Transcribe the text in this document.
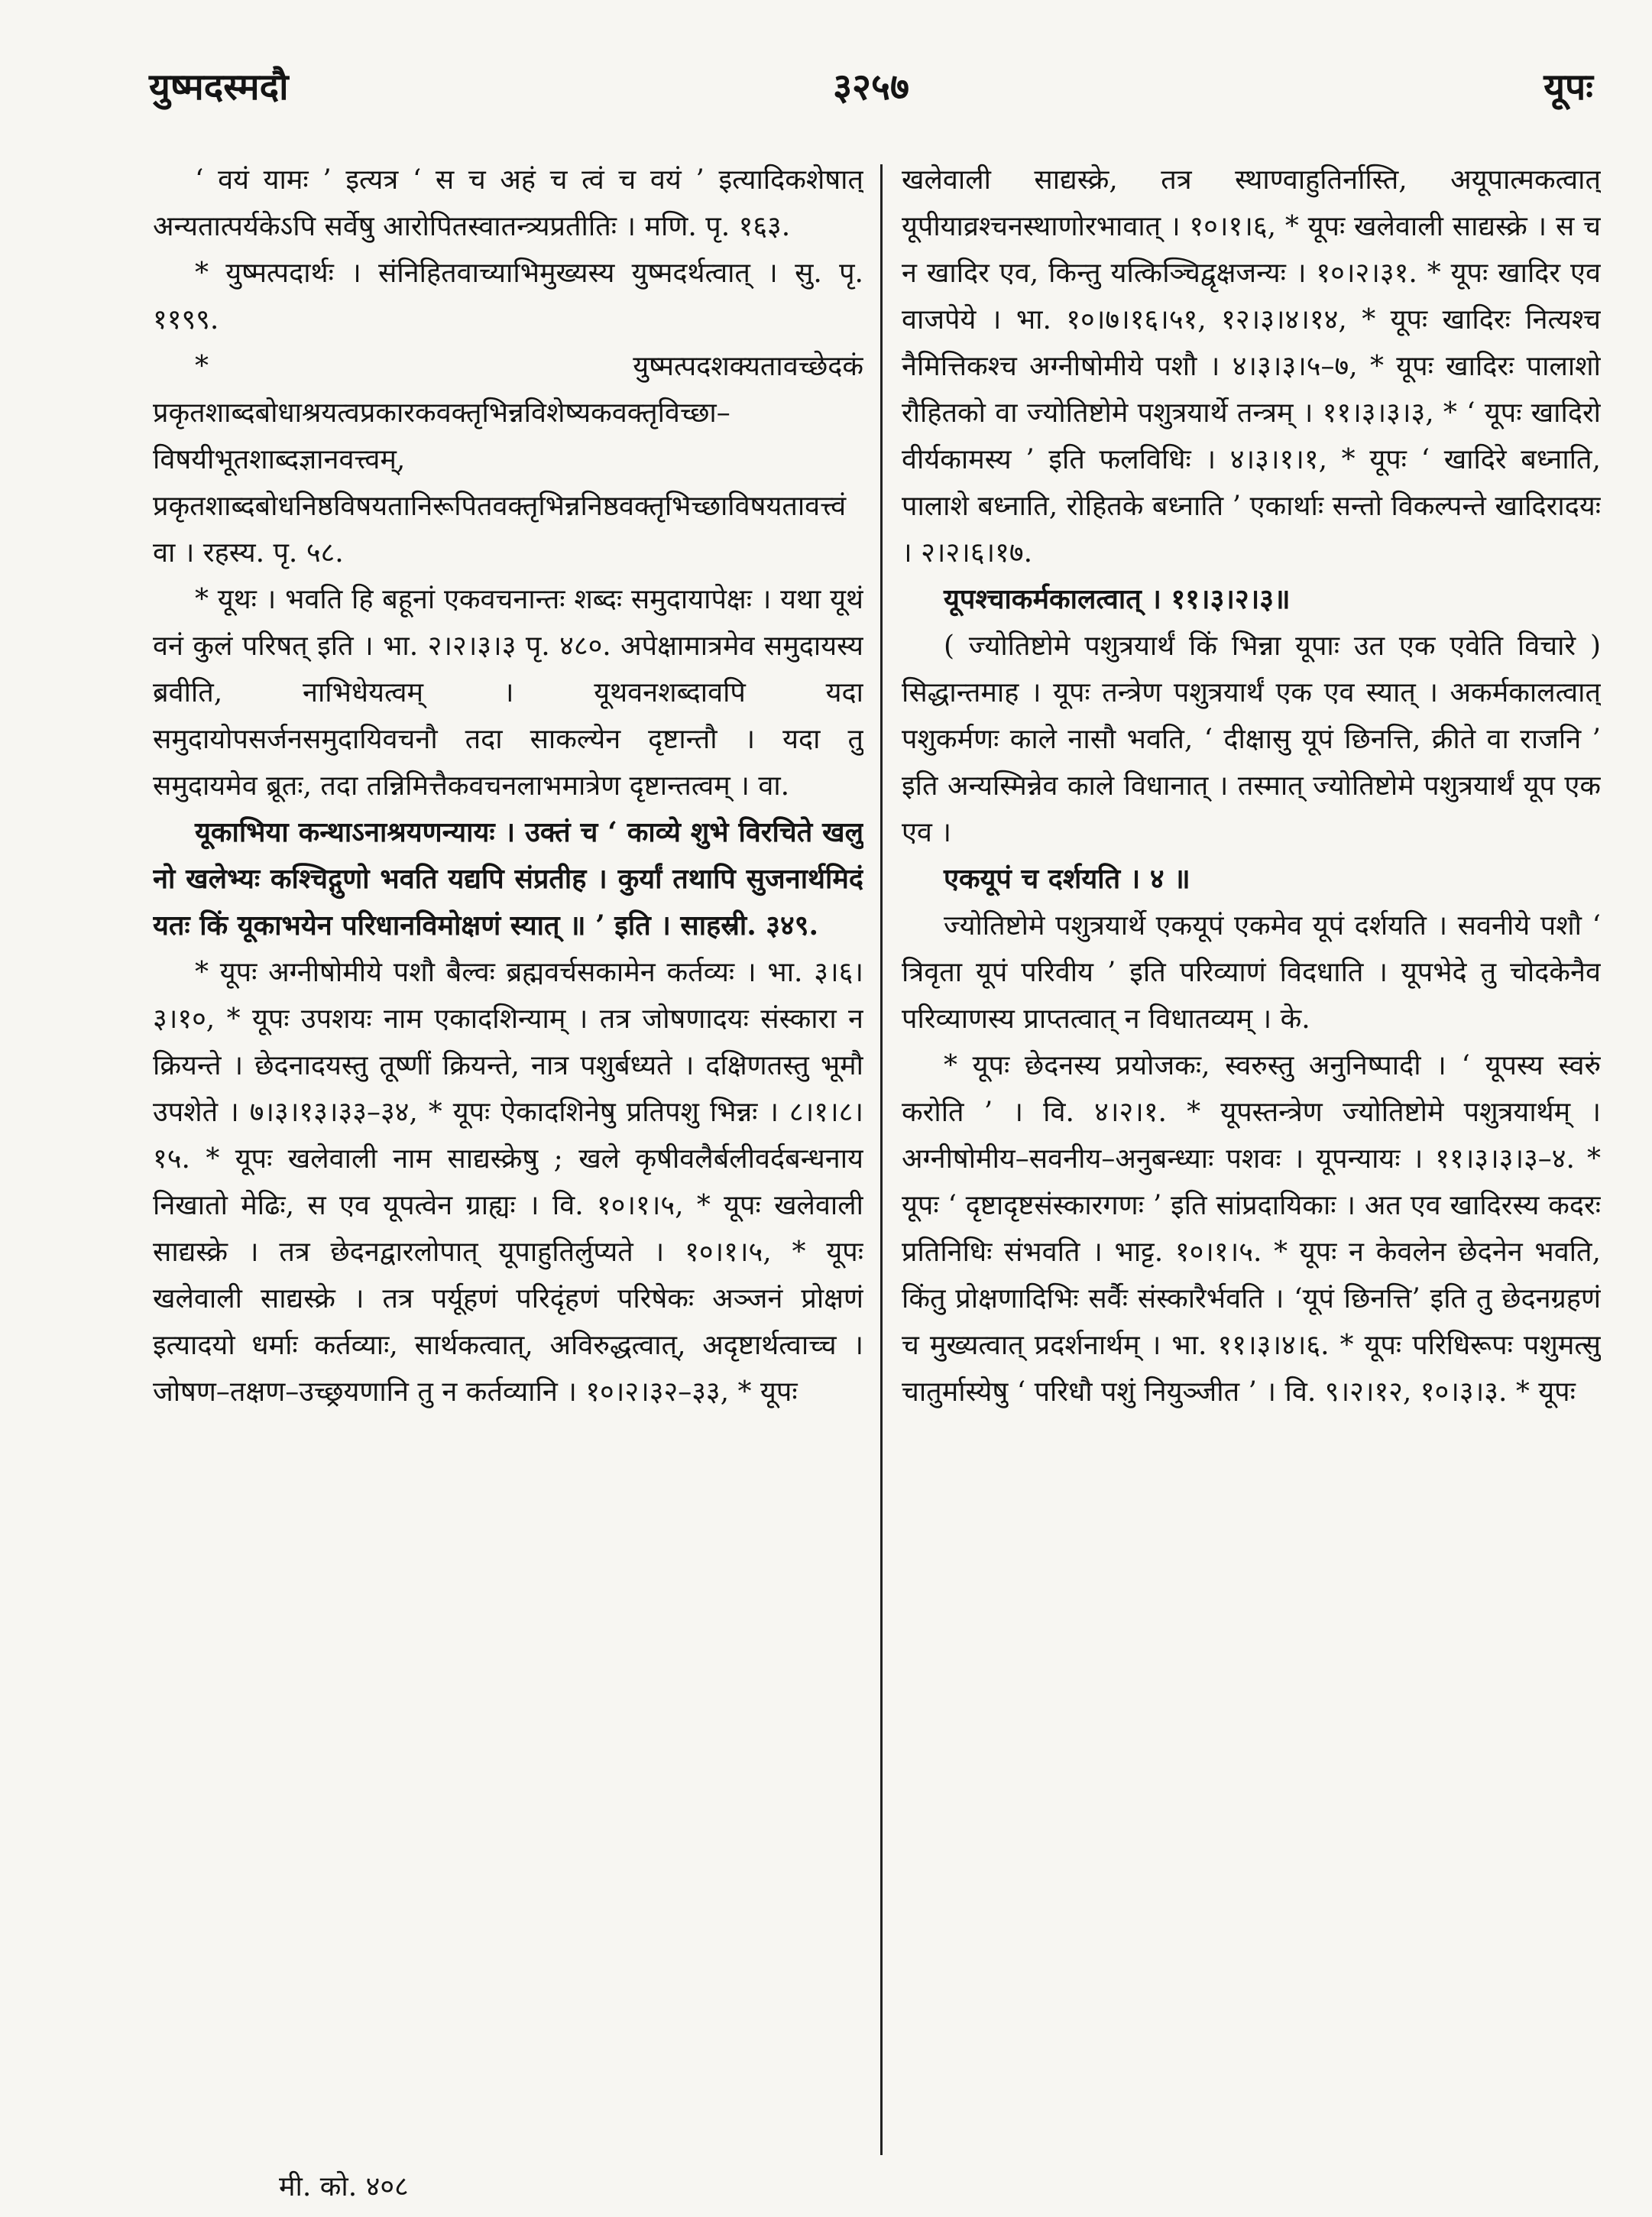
युष्मदस्मदौ	३२५७	यूपः

‘ वयं यामः ’ इत्यत्र ‘ स च अहं च त्वं च वयं ’ इत्यादिकशेषात् अन्यतात्पर्यकेऽपि सर्वेषु आरोपितस्वातन्त्र्यप्रतीतिः । मणि. पृ. १६३.

* युष्मत्पदार्थः । संनिहितवाच्याभिमुख्यस्य युष्मदर्थत्वात् । सु. पृ. ११९९.

* युष्मत्पदशक्यतावच्छेदकं प्रकृतशाब्दबोधाश्रयत्वप्रकारकवक्तृभिन्नविशेष्यकवक्तृविच्छा–विषयीभूतशाब्दज्ञानवत्त्वम्, प्रकृतशाब्दबोधनिष्ठविषयतानिरूपितवक्तृभिन्ननिष्ठवक्तृभिच्छाविषयतावत्त्वं वा । रहस्य. पृ. ५८.

* यूथः । भवति हि बहूनां एकवचनान्तः शब्दः समुदायापेक्षः । यथा यूथं वनं कुलं परिषत् इति । भा. २।२।३।३ पृ. ४८०. अपेक्षामात्रमेव समुदायस्य ब्रवीति, नाभिधेयत्वम् । यूथवनशब्दावपि यदा समुदायोपसर्जनसमुदायिवचनौ तदा साकल्येन दृष्टान्तौ । यदा तु समुदायमेव ब्रूतः, तदा तन्निमित्तैकवचनलाभमात्रेण दृष्टान्तत्वम् । वा.

यूकाभिया कन्थाऽनाश्रयणन्यायः । उक्तं च ‘ काव्ये शुभे विरचिते खलु नो खलेभ्यः कश्चिद्गुणो भवति यद्यपि संप्रतीह । कुर्यां तथापि सुजनार्थमिदं यतः किं यूकाभयेन परिधानविमोक्षणं स्यात् ॥ ’ इति । साहस्री. ३४९.

* यूपः अग्नीषोमीये पशौ बैल्वः ब्रह्मवर्चसकामेन कर्तव्यः । भा. ३।६।३।१०, * यूपः उपशयः नाम एकादशिन्याम् । तत्र जोषणादयः संस्कारा न क्रियन्ते । छेदनादयस्तु तूष्णीं क्रियन्ते, नात्र पशुर्बध्यते । दक्षिणतस्तु भूमौ उपशेते । ७।३।१३।३३–३४, * यूपः ऐकादशिनेषु प्रतिपशु भिन्नः । ८।१।८।१५. * यूपः खलेवाली नाम साद्यस्क्रेषु ; खले कृषीवलैर्बलीवर्दबन्धनाय निखातो मेढिः, स एव यूपत्वेन ग्राह्यः । वि. १०।१।५, * यूपः खलेवाली साद्यस्क्रे । तत्र छेदनद्वारलोपात् यूपाहुतिर्लुप्यते । १०।१।५, * यूपः खलेवाली साद्यस्क्रे । तत्र पर्यूहणं परिदृंहणं परिषेकः अञ्जनं प्रोक्षणं इत्यादयो धर्माः कर्तव्याः, सार्थकत्वात्, अविरुद्धत्वात्, अदृष्टार्थत्वाच्च । जोषण–तक्षण–उच्छ्रयणानि तु न कर्तव्यानि । १०।२।३२–३३, * यूपः

खलेवाली साद्यस्क्रे, तत्र स्थाण्वाहुतिर्नास्ति, अयूपात्मकत्वात् यूपीयाव्रश्चनस्थाणोरभावात् । १०।१।६, * यूपः खलेवाली साद्यस्क्रे । स च न खादिर एव, किन्तु यत्किञ्चिद्वृक्षजन्यः । १०।२।३१. * यूपः खादिर एव वाजपेये । भा. १०।७।१६।५१, १२।३।४।१४, * यूपः खादिरः नित्यश्च नैमित्तिकश्च अग्नीषोमीये पशौ । ४।३।३।५–७, * यूपः खादिरः पालाशो रौहितको वा ज्योतिष्टोमे पशुत्रयार्थे तन्त्रम् । ११।३।३।३, * ‘ यूपः खादिरो वीर्यकामस्य ’ इति फलविधिः । ४।३।१।१, * यूपः ‘ खादिरे बध्नाति, पालाशे बध्नाति, रोहितके बध्नाति ’ एकार्थाः सन्तो विकल्पन्ते खादिरादयः । २।२।६।१७.

यूपश्चाकर्मकालत्वात् । ११।३।२।३॥

( ज्योतिष्टोमे पशुत्रयार्थं किं भिन्ना यूपाः उत एक एवेति विचारे ) सिद्धान्तमाह । यूपः तन्त्रेण पशुत्रयार्थं एक एव स्यात् । अकर्मकालत्वात् पशुकर्मणः काले नासौ भवति, ‘ दीक्षासु यूपं छिनत्ति, क्रीते वा राजनि ’ इति अन्यस्मिन्नेव काले विधानात् । तस्मात् ज्योतिष्टोमे पशुत्रयार्थं यूप एक एव ।

एकयूपं च दर्शयति । ४ ॥

ज्योतिष्टोमे पशुत्रयार्थे एकयूपं एकमेव यूपं दर्शयति । सवनीये पशौ ‘ त्रिवृता यूपं परिवीय ’ इति परिव्याणं विदधाति । यूपभेदे तु चोदकेनैव परिव्याणस्य प्राप्तत्वात् न विधातव्यम् । के.

* यूपः छेदनस्य प्रयोजकः, स्वरुस्तु अनुनिष्पादी । ‘ यूपस्य स्वरुं करोति ’ । वि. ४।२।१. * यूपस्तन्त्रेण ज्योतिष्टोमे पशुत्रयार्थम् । अग्नीषोमीय–सवनीय–अनुबन्ध्याः पशवः । यूपन्यायः । ११।३।३।३–४. * यूपः ‘ दृष्टादृष्टसंस्कारगणः ’ इति सांप्रदायिकाः । अत एव खादिरस्य कदरः प्रतिनिधिः संभवति । भाट्ट. १०।१।५. * यूपः न केवलेन छेदनेन भवति, किंतु प्रोक्षणादिभिः सर्वैः संस्कारैर्भवति । ‘यूपं छिनत्ति’ इति तु छेदनग्रहणं च मुख्यत्वात् प्रदर्शनार्थम् । भा. ११।३।४।६. * यूपः परिधिरूपः पशुमत्सु चातुर्मास्येषु ‘ परिधौ पशुं नियुञ्जीत ’ । वि. ९।२।१२, १०।३।३. * यूपः

मी. को. ४०८
